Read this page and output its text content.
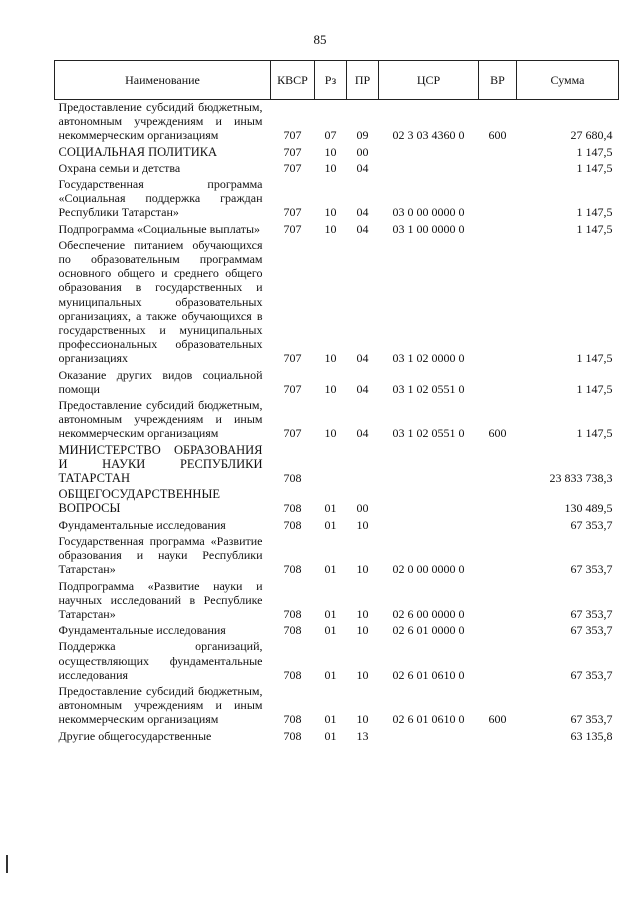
85
Наименование	КВСР	Рз	ПР	ЦСР	ВР	Сумма
Предоставление субсидий бюджетным, автономным учреждениям и иным некоммерческим организациям	707	07	09	02 3 03 4360 0	600	27 680,4
СОЦИАЛЬНАЯ ПОЛИТИКА	707	10	00			1 147,5
Охрана семьи и детства	707	10	04			1 147,5
Государственная программа «Социальная поддержка граждан Республики Татарстан»	707	10	04	03 0 00 0000 0		1 147,5
Подпрограмма «Социальные выплаты»	707	10	04	03 1 00 0000 0		1 147,5
Обеспечение питанием обучающихся по образовательным программам основного общего и среднего общего образования в государственных и муниципальных образовательных организациях, а также обучающихся в государственных и муниципальных профессиональных образовательных организациях	707	10	04	03 1 02 0000 0		1 147,5
Оказание других видов социальной помощи	707	10	04	03 1 02 0551 0		1 147,5
Предоставление субсидий бюджетным, автономным учреждениям и иным некоммерческим организациям	707	10	04	03 1 02 0551 0	600	1 147,5
МИНИСТЕРСТВО ОБРАЗОВАНИЯ И НАУКИ РЕСПУБЛИКИ ТАТАРСТАН	708					23 833 738,3
ОБЩЕГОСУДАРСТВЕННЫЕ ВОПРОСЫ	708	01	00			130 489,5
Фундаментальные исследования	708	01	10			67 353,7
Государственная программа «Развитие образования и науки Республики Татарстан»	708	01	10	02 0 00 0000 0		67 353,7
Подпрограмма «Развитие науки и научных исследований в Республике Татарстан»	708	01	10	02 6 00 0000 0		67 353,7
Фундаментальные исследования	708	01	10	02 6 01 0000 0		67 353,7
Поддержка организаций, осуществляющих фундаментальные исследования	708	01	10	02 6 01 0610 0		67 353,7
Предоставление субсидий бюджетным, автономным учреждениям и иным некоммерческим организациям	708	01	10	02 6 01 0610 0	600	67 353,7
Другие общегосударственные	708	01	13			63 135,8
